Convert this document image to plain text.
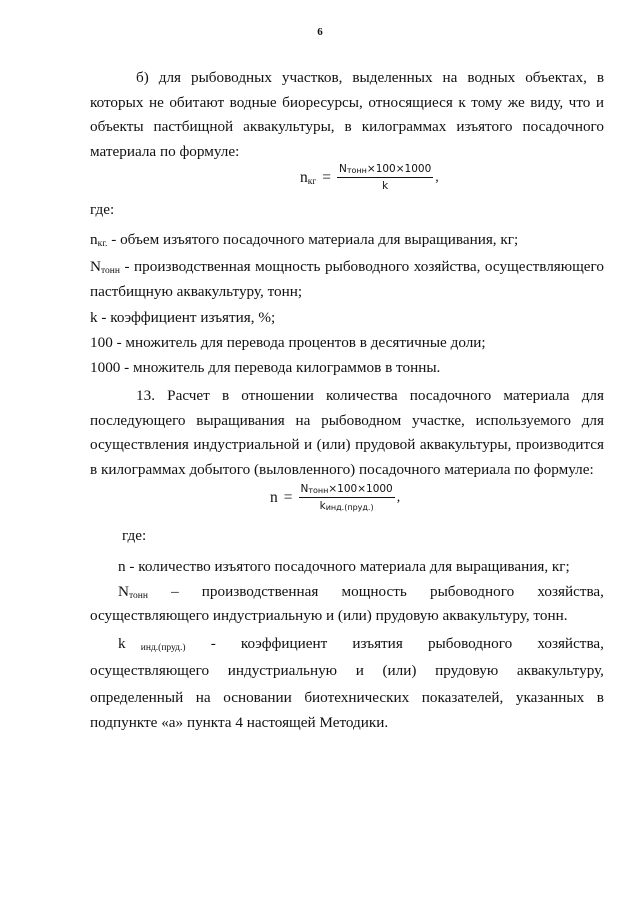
6

б) для рыбоводных участков, выделенных на водных объектах, в которых не обитают водные биоресурсы, относящиеся к тому же виду, что и объекты пастбищной аквакультуры, в килограммах изъятого посадочного материала по формуле:

$n_{кг} = \frac{N_{тонн}\times 100\times 1000}{k}$ ,
где:
$n_{кг.}$ - объем изъятого посадочного материала для выращивания, кг;

$N_{тонн}$ - производственная мощность рыбоводного хозяйства, осуществляющего пастбищную аквакультуру, тонн;

k - коэффициент изъятия, %;
100 - множитель для перевода процентов в десятичные доли;
1000 - множитель для перевода килограммов в тонны.

13. Расчет в отношении количества посадочного материала для последующего выращивания на рыбоводном участке, используемого для осуществления индустриальной и (или) прудовой аквакультуры, производится в килограммах добытого (выловленного) посадочного материала по формуле:

$n = \frac{N_{тонн}\times 100\times 1000}{k_{инд.(пруд.)}}$ ,
где:
n - количество изъятого посадочного материала для выращивания, кг;
$N_{тонн}$ – производственная мощность рыбоводного хозяйства,
осуществляющего индустриальную и (или) прудовую аквакультуру, тонн.
k $_{инд.(пруд.)}$ - коэффициент изъятия рыбоводного хозяйства,
осуществляющего индустриальную и (или) прудовую аквакультуру,
определенный на основании биотехнических показателей, указанных в
подпункте «а» пункта 4 настоящей Методики.
